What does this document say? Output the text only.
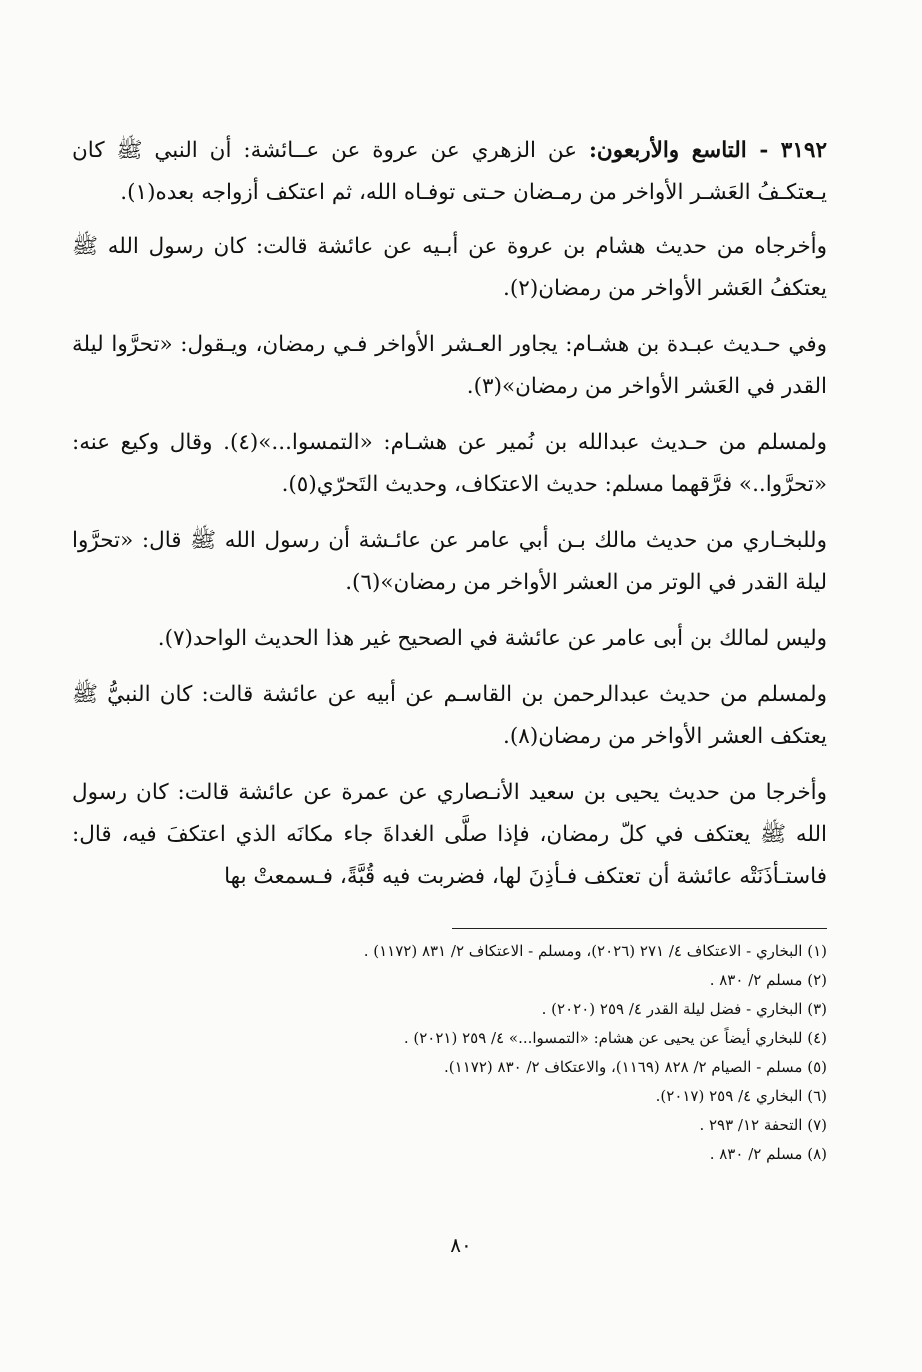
٣١٩٢ - التاسع والأربعون: عن الزهري عن عروة عن عــائشة: أن النبي ﷺ كان يـعتكـفُ العَشـر الأواخر من رمـضان حـتى توفـاه الله، ثم اعتكف أزواجه بعده(١).

وأخرجاه من حديث هشام بن عروة عن أبـيه عن عائشة قالت: كان رسول الله ﷺ يعتكفُ العَشر الأواخر من رمضان(٢).

وفي حـديث عبـدة بن هشـام: يجاور العـشر الأواخر فـي رمضان، ويـقول: «تحرَّوا ليلة القدر في العَشر الأواخر من رمضان»(٣).

ولمسلم من حـديث عبدالله بن نُمير عن هشـام: «التمسوا...»(٤). وقال وكيع عنه: «تحرَّوا..» فرَّقهما مسلم: حديث الاعتكاف، وحديث التَحرّي(٥).

وللبخـاري من حديث مالك بـن أبي عامر عن عائـشة أن رسول الله ﷺ قال: «تحرَّوا ليلة القدر في الوتر من العشر الأواخر من رمضان»(٦).

وليس لمالك بن أبى عامر عن عائشة في الصحيح غير هذا الحديث الواحد(٧).

ولمسلم من حديث عبدالرحمن بن القاسـم عن أبيه عن عائشة قالت: كان النبيُّ ﷺ يعتكف العشر الأواخر من رمضان(٨).

وأخرجا من حديث يحيى بن سعيد الأنـصاري عن عمرة عن عائشة قالت: كان رسول الله ﷺ يعتكف في كلّ رمضان، فإذا صلَّى الغداةَ جاء مكانَه الذي اعتكفَ فيه، قال: فاستـأذَنَتْه عائشة أن تعتكف فـأذِنَ لها، فضربت فيه قُبَّةً، فـسمعتْ بها

(١) البخاري - الاعتكاف ٤/ ٢٧١ (٢٠٢٦)، ومسلم - الاعتكاف ٢/ ٨٣١ (١١٧٢) .
(٢) مسلم ٢/ ٨٣٠ .
(٣) البخاري - فضل ليلة القدر ٤/ ٢٥٩ (٢٠٢٠) .
(٤) للبخاري أيضاً عن يحيى عن هشام: «التمسوا...» ٤/ ٢٥٩ (٢٠٢١) .
(٥) مسلم - الصيام ٢/ ٨٢٨ (١١٦٩)، والاعتكاف ٢/ ٨٣٠ (١١٧٢).
(٦) البخاري ٤/ ٢٥٩ (٢٠١٧).
(٧) التحفة ١٢/ ٢٩٣ .
(٨) مسلم ٢/ ٨٣٠ .
٨٠
